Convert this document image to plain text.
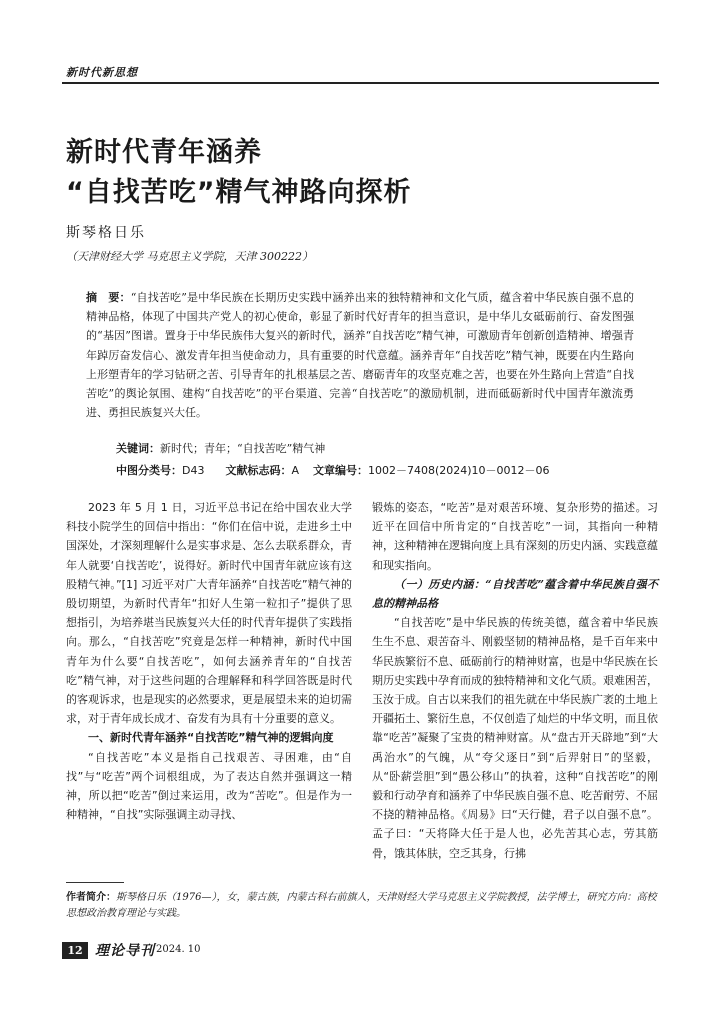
新时代新思想
新时代青年涵养
“自找苦吃”精气神路向探析
斯琴格日乐
（天津财经大学 马克思主义学院，天津 300222）
摘　要：“自找苦吃”是中华民族在长期历史实践中涵养出来的独特精神和文化气质，蕴含着中华民族自强不息的精神品格，体现了中国共产党人的初心使命，彰显了新时代好青年的担当意识，是中华儿女砥砺前行、奋发图强的“基因”图谱。置身于中华民族伟大复兴的新时代，涵养“自找苦吃”精气神，可激励青年创新创造精神、增强青年踔厉奋发信心、激发青年担当使命动力，具有重要的时代意蕴。涵养青年“自找苦吃”精气神，既要在内生路向上形塑青年的学习钻研之苦、引导青年的扎根基层之苦、磨砺青年的攻坚克难之苦，也要在外生路向上营造“自找苦吃”的舆论氛围、建构“自找苦吃”的平台渠道、完善“自找苦吃”的激励机制，进而砥砺新时代中国青年激流勇进、勇担民族复兴大任。
关键词：新时代；青年；“自找苦吃”精气神
中图分类号：D43 文献标志码：A 文章编号：1002－7408(2024)10－0012－06

2023 年 5 月 1 日，习近平总书记在给中国农业大学科技小院学生的回信中指出：“你们在信中说，走进乡土中国深处，才深刻理解什么是实事求是、怎么去联系群众，青年人就要‘自找苦吃’，说得好。新时代中国青年就应该有这股精气神。”[1] 习近平对广大青年涵养“自找苦吃”精气神的殷切期望，为新时代青年“扣好人生第一粒扣子”提供了思想指引，为培养堪当民族复兴大任的时代青年提供了实践指向。那么，“自找苦吃”究竟是怎样一种精神，新时代中国青年为什么要“自找苦吃”，如何去涵养青年的“自找苦吃”精气神，对于这些问题的合理解释和科学回答既是时代的客观诉求，也是现实的必然要求，更是展望未来的迫切需求，对于青年成长成才、奋发有为具有十分重要的意义。

一、新时代青年涵养“自找苦吃”精气神的逻辑向度

“自找苦吃”本义是指自己找艰苦、寻困难，由“自找”与“吃苦”两个词根组成，为了表达自然并强调这一精神，所以把“吃苦”倒过来运用，改为“苦吃”。但是作为一种精神，“自找”实际强调主动寻找、

锻炼的姿态，“吃苦”是对艰苦环境、复杂形势的描述。习近平在回信中所肯定的“自找苦吃”一词，其指向一种精神，这种精神在逻辑向度上具有深刻的历史内涵、实践意蕴和现实指向。

（一）历史内涵：“自找苦吃”蕴含着中华民族自强不息的精神品格

“自找苦吃”是中华民族的传统美德，蕴含着中华民族生生不息、艰苦奋斗、刚毅坚韧的精神品格，是千百年来中华民族繁衍不息、砥砺前行的精神财富，也是中华民族在长期历史实践中孕育而成的独特精神和文化气质。艰难困苦，玉汝于成。自古以来我们的祖先就在中华民族广袤的土地上开疆拓土、繁衍生息，不仅创造了灿烂的中华文明，而且依靠“吃苦”凝聚了宝贵的精神财富。从“盘古开天辟地”到“大禹治水”的气魄，从“夸父逐日”到“后羿射日”的坚毅，从“卧薪尝胆”到“愚公移山”的执着，这种“自找苦吃”的刚毅和行动孕育和涵养了中华民族自强不息、吃苦耐劳、不屈不挠的精神品格。《周易》曰“天行健，君子以自强不息”。孟子曰：“天将降大任于是人也，必先苦其心志，劳其筋骨，饿其体肤，空乏其身，行拂

作者简介：斯琴格日乐（1976—），女，蒙古族，内蒙古科右前旗人，天津财经大学马克思主义学院教授，法学博士，研究方向：高校思想政治教育理论与实践。
12 理论导刊 2024. 10
